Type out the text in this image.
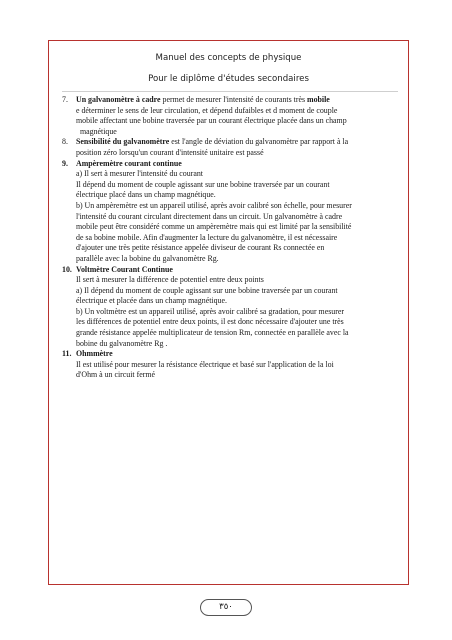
Manuel des concepts de physique
Pour le diplôme d'études secondaires
7.	Un galvanomètre à cadre permet de mesurer l'intensité de courants très mobile
e déterminer le sens de leur circulation, et dépend dufaibles et d moment de couple
mobile affectant une bobine traversée par un courant électrique placée dans un champ
magnétique
8.	Sensibilité du galvanomètre est l'angle de déviation du galvanomètre par rapport à la
position zéro lorsqu'un courant d'intensité unitaire est passé
9.	Ampèremètre courant continue
a) Il sert à mesurer l'intensité du courant
Il dépend du moment de couple agissant sur une bobine traversée par un courant
électrique placé dans un champ magnétique.
b) Un ampèremètre est un appareil utilisé, après avoir calibré son échelle, pour mesurer
l'intensité du courant circulant directement dans un circuit. Un galvanomètre à cadre
mobile peut être considéré comme un ampèremètre mais qui est limité par la sensibilité
de sa bobine mobile. Afin d'augmenter la lecture du galvanomètre, il est nécessaire
d'ajouter une très petite résistance appelée diviseur de courant Rs connectée en
parallèle avec la bobine du galvanomètre Rg.
10. Voltmètre Courant Continue
Il sert à mesurer la différence de potentiel entre deux points
a) Il dépend du moment de couple agissant sur une bobine traversée par un courant
électrique et placée dans un champ magnétique.
b) Un voltmètre est un appareil utilisé, après avoir calibré sa gradation, pour mesurer
les différences de potentiel entre deux points, il est donc nécessaire d'ajouter une très
grande résistance appelée multiplicateur de tension Rm, connectée en parallèle avec la
bobine du galvanomètre Rg .
11. Ohmmètre
Il est utilisé pour mesurer la résistance électrique et basé sur l'application de la loi
d'Ohm à un circuit fermé
٣٥٠
